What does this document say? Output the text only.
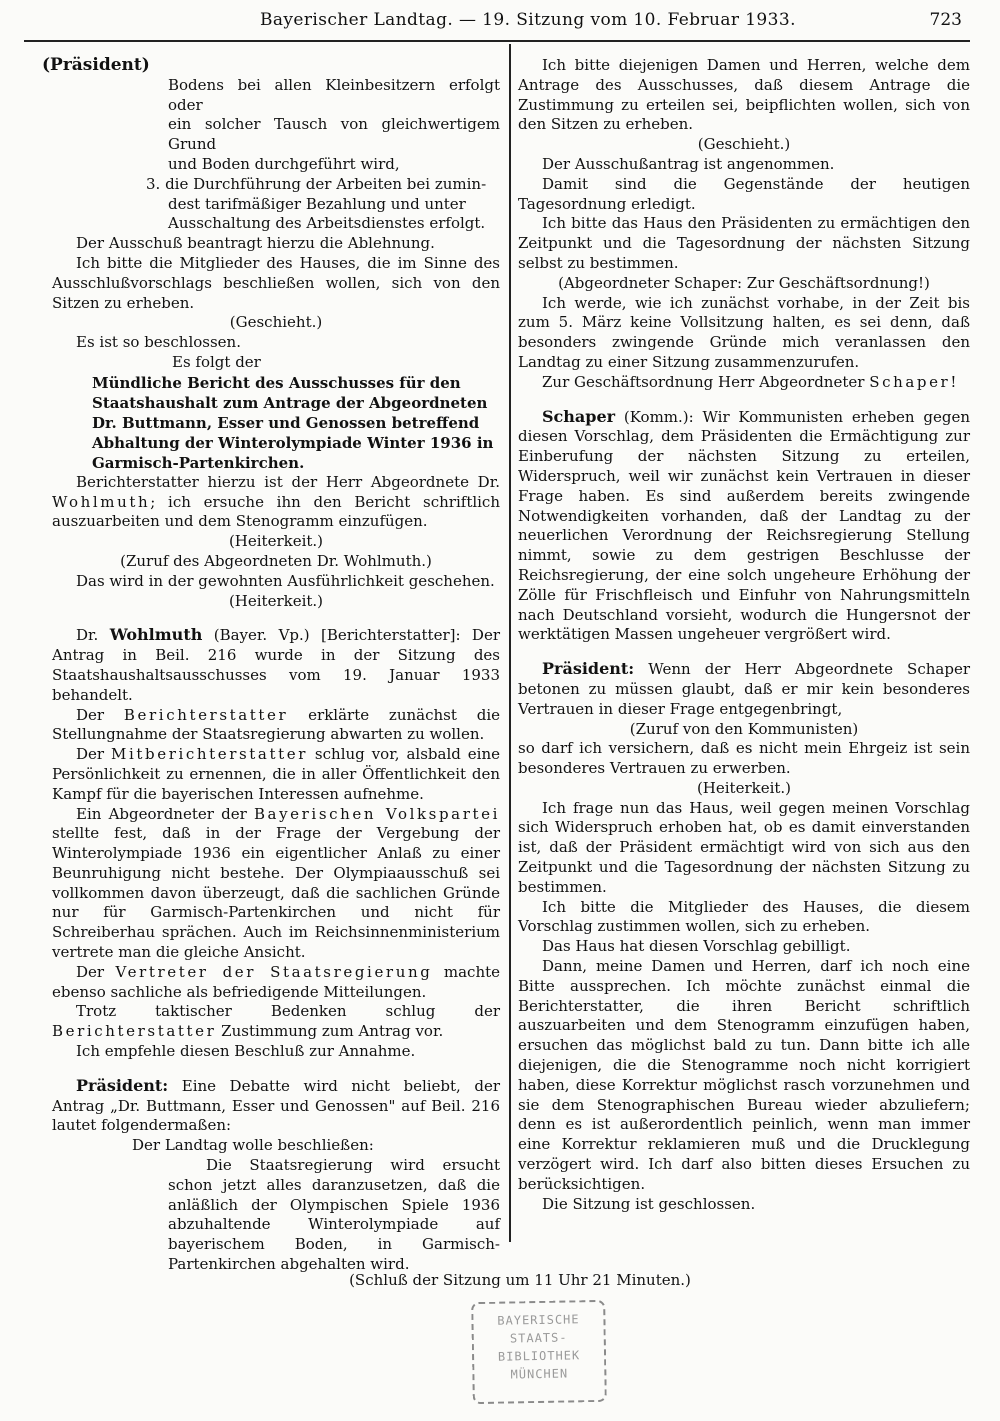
Bayerischer Landtag. — 19. Sitzung vom 10. Februar 1933.	723

(Präsident)

Bodens bei allen Kleinbesitzern erfolgt oder

ein solcher Tausch von gleichwertigem Grund

und Boden durchgeführt wird,

3. die Durchführung der Arbeiten bei zumin-

dest tarifmäßiger Bezahlung und unter

Ausschaltung des Arbeitsdienstes erfolgt.

Der Ausschuß beantragt hierzu die Ablehnung.

Ich bitte die Mitglieder des Hauses, die im Sinne des Ausschlußvorschlags beschließen wollen, sich von den Sitzen zu erheben.

(Geschieht.)

Es ist so beschlossen.

Es folgt der

Mündliche Bericht des Ausschusses für den Staatshaushalt zum Antrage der Abgeordneten Dr. Buttmann, Esser und Genossen betreffend Abhaltung der Winterolympiade Winter 1936 in Garmisch-Partenkirchen.

Berichterstatter hierzu ist der Herr Abgeordnete Dr. Wohlmuth; ich ersuche ihn den Bericht schriftlich auszuarbeiten und dem Stenogramm einzufügen.

(Heiterkeit.)

(Zuruf des Abgeordneten Dr. Wohlmuth.)

Das wird in der gewohnten Ausführlichkeit geschehen.

(Heiterkeit.)

Dr. Wohlmuth (Bayer. Vp.) [Berichterstatter]: Der Antrag in Beil. 216 wurde in der Sitzung des Staatshaushaltsausschusses vom 19. Januar 1933 behandelt.

Der Berichterstatter erklärte zunächst die Stellungnahme der Staatsregierung abwarten zu wollen.

Der Mitberichterstatter schlug vor, alsbald eine Persönlichkeit zu ernennen, die in aller Öffentlichkeit den Kampf für die bayerischen Interessen aufnehme.

Ein Abgeordneter der Bayerischen Volkspartei stellte fest, daß in der Frage der Vergebung der Winterolympiade 1936 ein eigentlicher Anlaß zu einer Beunruhigung nicht bestehe. Der Olympiaausschuß sei vollkommen davon überzeugt, daß die sachlichen Gründe nur für Garmisch-Partenkirchen und nicht für Schreiberhau sprächen. Auch im Reichsinnenministerium vertrete man die gleiche Ansicht.

Der Vertreter der Staatsregierung machte ebenso sachliche als befriedigende Mitteilungen.

Trotz taktischer Bedenken schlug der Berichterstatter Zustimmung zum Antrag vor.

Ich empfehle diesen Beschluß zur Annahme.

Präsident: Eine Debatte wird nicht beliebt, der Antrag „Dr. Buttmann, Esser und Genossen" auf Beil. 216 lautet folgendermaßen:

Der Landtag wolle beschließen:

Die Staatsregierung wird ersucht schon jetzt alles daranzusetzen, daß die anläßlich der Olympischen Spiele 1936 abzuhaltende Winterolympiade auf bayerischem Boden, in Garmisch-Partenkirchen abgehalten wird.

Ich bitte diejenigen Damen und Herren, welche dem Antrage des Ausschusses, daß diesem Antrage die Zustimmung zu erteilen sei, beipflichten wollen, sich von den Sitzen zu erheben.

(Geschieht.)

Der Ausschußantrag ist angenommen.

Damit sind die Gegenstände der heutigen Tagesordnung erledigt.

Ich bitte das Haus den Präsidenten zu ermächtigen den Zeitpunkt und die Tagesordnung der nächsten Sitzung selbst zu bestimmen.

(Abgeordneter Schaper: Zur Geschäftsordnung!)

Ich werde, wie ich zunächst vorhabe, in der Zeit bis zum 5. März keine Vollsitzung halten, es sei denn, daß besonders zwingende Gründe mich veranlassen den Landtag zu einer Sitzung zusammenzurufen.

Zur Geschäftsordnung Herr Abgeordneter Schaper!

Schaper (Komm.): Wir Kommunisten erheben gegen diesen Vorschlag, dem Präsidenten die Ermächtigung zur Einberufung der nächsten Sitzung zu erteilen, Widerspruch, weil wir zunächst kein Vertrauen in dieser Frage haben. Es sind außerdem bereits zwingende Notwendigkeiten vorhanden, daß der Landtag zu der neuerlichen Verordnung der Reichsregierung Stellung nimmt, sowie zu dem gestrigen Beschlusse der Reichsregierung, der eine solch ungeheure Erhöhung der Zölle für Frischfleisch und Einfuhr von Nahrungsmitteln nach Deutschland vorsieht, wodurch die Hungersnot der werktätigen Massen ungeheuer vergrößert wird.

Präsident: Wenn der Herr Abgeordnete Schaper betonen zu müssen glaubt, daß er mir kein besonderes Vertrauen in dieser Frage entgegenbringt,

(Zuruf von den Kommunisten)

so darf ich versichern, daß es nicht mein Ehrgeiz ist sein besonderes Vertrauen zu erwerben.

(Heiterkeit.)

Ich frage nun das Haus, weil gegen meinen Vorschlag sich Widerspruch erhoben hat, ob es damit einverstanden ist, daß der Präsident ermächtigt wird von sich aus den Zeitpunkt und die Tagesordnung der nächsten Sitzung zu bestimmen.

Ich bitte die Mitglieder des Hauses, die diesem Vorschlag zustimmen wollen, sich zu erheben.

Das Haus hat diesen Vorschlag gebilligt.

Dann, meine Damen und Herren, darf ich noch eine Bitte aussprechen. Ich möchte zunächst einmal die Berichterstatter, die ihren Bericht schriftlich auszuarbeiten und dem Stenogramm einzufügen haben, ersuchen das möglichst bald zu tun. Dann bitte ich alle diejenigen, die die Stenogramme noch nicht korrigiert haben, diese Korrektur möglichst rasch vorzunehmen und sie dem Stenographischen Bureau wieder abzuliefern; denn es ist außerordentlich peinlich, wenn man immer eine Korrektur reklamieren muß und die Drucklegung verzögert wird. Ich darf also bitten dieses Ersuchen zu berücksichtigen.

Die Sitzung ist geschlossen.

(Schluß der Sitzung um 11 Uhr 21 Minuten.)

BAYERISCHE
STAATS-
BIBLIOTHEK
MÜNCHEN
